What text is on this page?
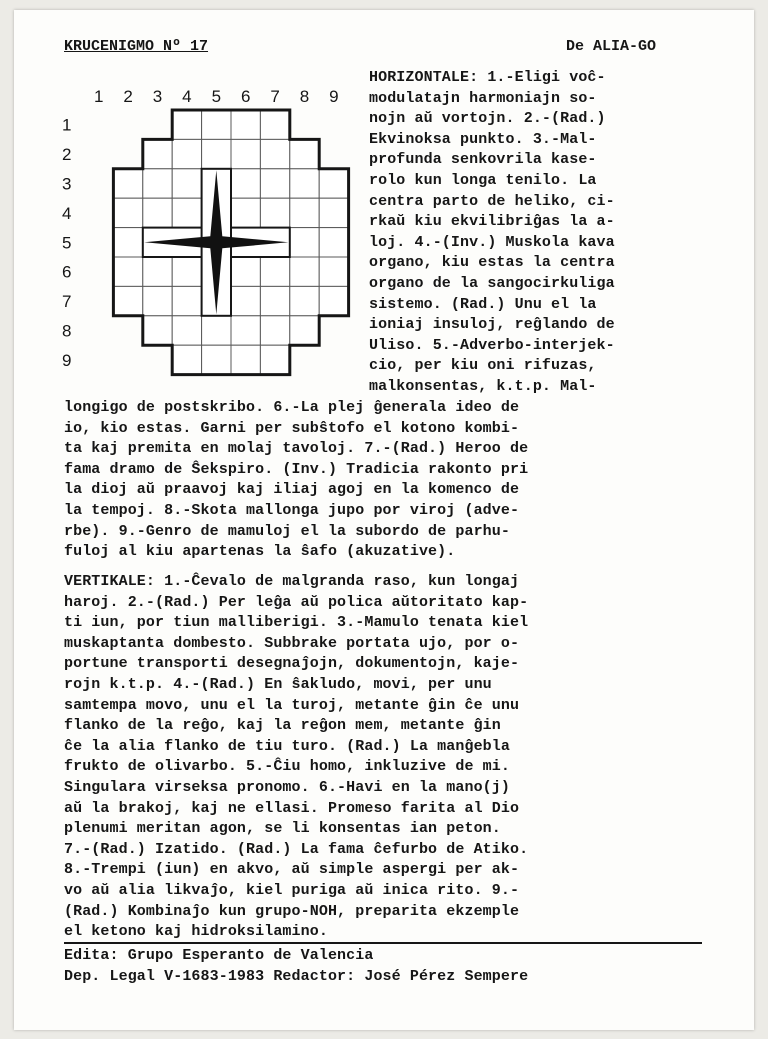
KRUCENIGMO Nº 17	De ALIA-GO
1 2 3 4 5 6 7 8 9
1
2
3
4
5
6
7
8
9
HORIZONTALE: 1.-Eligi voĉ-
modulatajn harmoniajn so-
nojn aŭ vortojn. 2.-(Rad.)
Ekvinoksa punkto. 3.-Mal-
profunda senkovrila kase-
rolo kun longa tenilo. La
centra parto de heliko, ci-
rkaŭ kiu ekvilibriĝas la a-
loj. 4.-(Inv.) Muskola kava
organo, kiu estas la centra
organo de la sangocirkuliga
sistemo. (Rad.) Unu el la
ioniaj insuloj, reĝlando de
Uliso. 5.-Adverbo-interjek-
cio, per kiu oni rifuzas,
malkonsentas, k.t.p. Mal-
longigo de postskribo. 6.-La plej ĝenerala ideo de
io, kio estas. Garni per subŝtofo el kotono kombi-
ta kaj premita en molaj tavoloj. 7.-(Rad.) Heroo de
fama dramo de Ŝekspiro. (Inv.) Tradicia rakonto pri
la dioj aŭ praavoj kaj iliaj agoj en la komenco de
la tempoj. 8.-Skota mallonga jupo por viroj (adve-
rbe). 9.-Genro de mamuloj el la subordo de parhu-
fuloj al kiu apartenas la ŝafo (akuzative).
VERTIKALE: 1.-Ĉevalo de malgranda raso, kun longaj
haroj. 2.-(Rad.) Per leĝa aŭ polica aŭtoritato kap-
ti iun, por tiun malliberigi. 3.-Mamulo tenata kiel
muskaptanta dombesto. Subbrake portata ujo, por o-
portune transporti desegnaĵojn, dokumentojn, kaje-
rojn k.t.p. 4.-(Rad.) En ŝakludo, movi, per unu
samtempa movo, unu el la turoj, metante ĝin ĉe unu
flanko de la reĝo, kaj la reĝon mem, metante ĝin
ĉe la alia flanko de tiu turo. (Rad.) La manĝebla
frukto de olivarbo. 5.-Ĉiu homo, inkluzive de mi.
Singulara virseksa pronomo. 6.-Havi en la mano(j)
aŭ la brakoj, kaj ne ellasi. Promeso farita al Dio
plenumi meritan agon, se li konsentas ian peton.
7.-(Rad.) Izatido. (Rad.) La fama ĉefurbo de Atiko.
8.-Trempi (iun) en akvo, aŭ simple aspergi per ak-
vo aŭ alia likvaĵo, kiel puriga aŭ inica rito. 9.-
(Rad.) Kombinaĵo kun grupo-NOH, preparita ekzemple
el ketono kaj hidroksilamino.
Edita: Grupo Esperanto de Valencia
Dep. Legal V-1683-1983 Redactor: José Pérez Sempere
